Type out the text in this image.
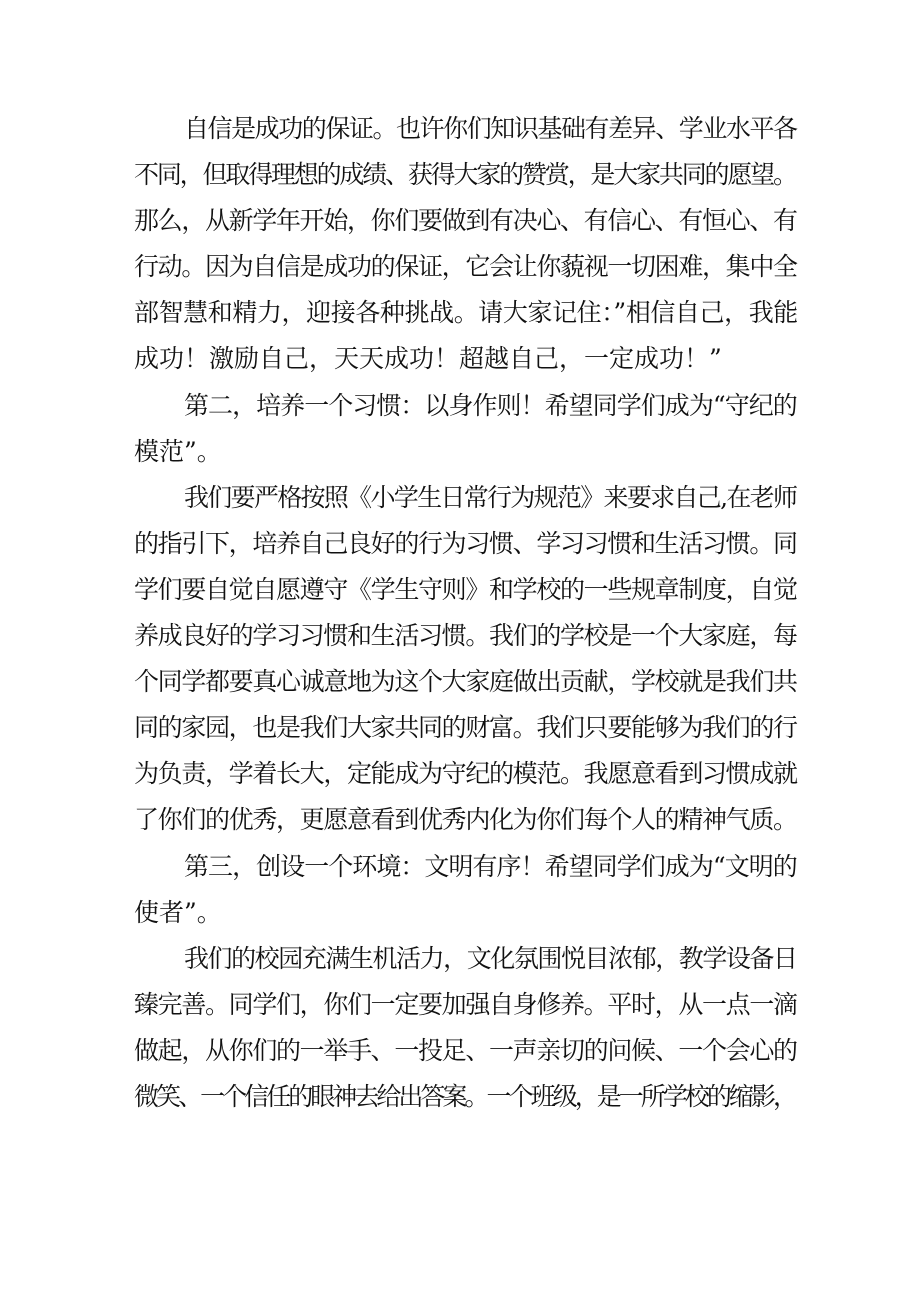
自信是成功的保证。也许你们知识基础有差异、学业水平各
不同，但取得理想的成绩、获得大家的赞赏，是大家共同的愿望。
那么，从新学年开始，你们要做到有决心、有信心、有恒心、有
行动。因为自信是成功的保证，它会让你藐视一切困难，集中全
部智慧和精力，迎接各种挑战。请大家记住：”相信自己，我能
成功！激励自己，天天成功！超越自己，一定成功！”
第二，培养一个习惯：以身作则！希望同学们成为“守纪的
模范”。
我们要严格按照《小学生日常行为规范》来要求自己,在老师
的指引下，培养自己良好的行为习惯、学习习惯和生活习惯。同
学们要自觉自愿遵守《学生守则》和学校的一些规章制度，自觉
养成良好的学习习惯和生活习惯。我们的学校是一个大家庭，每
个同学都要真心诚意地为这个大家庭做出贡献，学校就是我们共
同的家园，也是我们大家共同的财富。我们只要能够为我们的行
为负责，学着长大，定能成为守纪的模范。我愿意看到习惯成就
了你们的优秀，更愿意看到优秀内化为你们每个人的精神气质。
第三，创设一个环境：文明有序！希望同学们成为“文明的
使者”。
我们的校园充满生机活力，文化氛围悦目浓郁，教学设备日
臻完善。同学们，你们一定要加强自身修养。平时，从一点一滴
做起，从你们的一举手、一投足、一声亲切的问候、一个会心的
微笑、一个信任的眼神去给出答案。一个班级，是一所学校的缩影，
